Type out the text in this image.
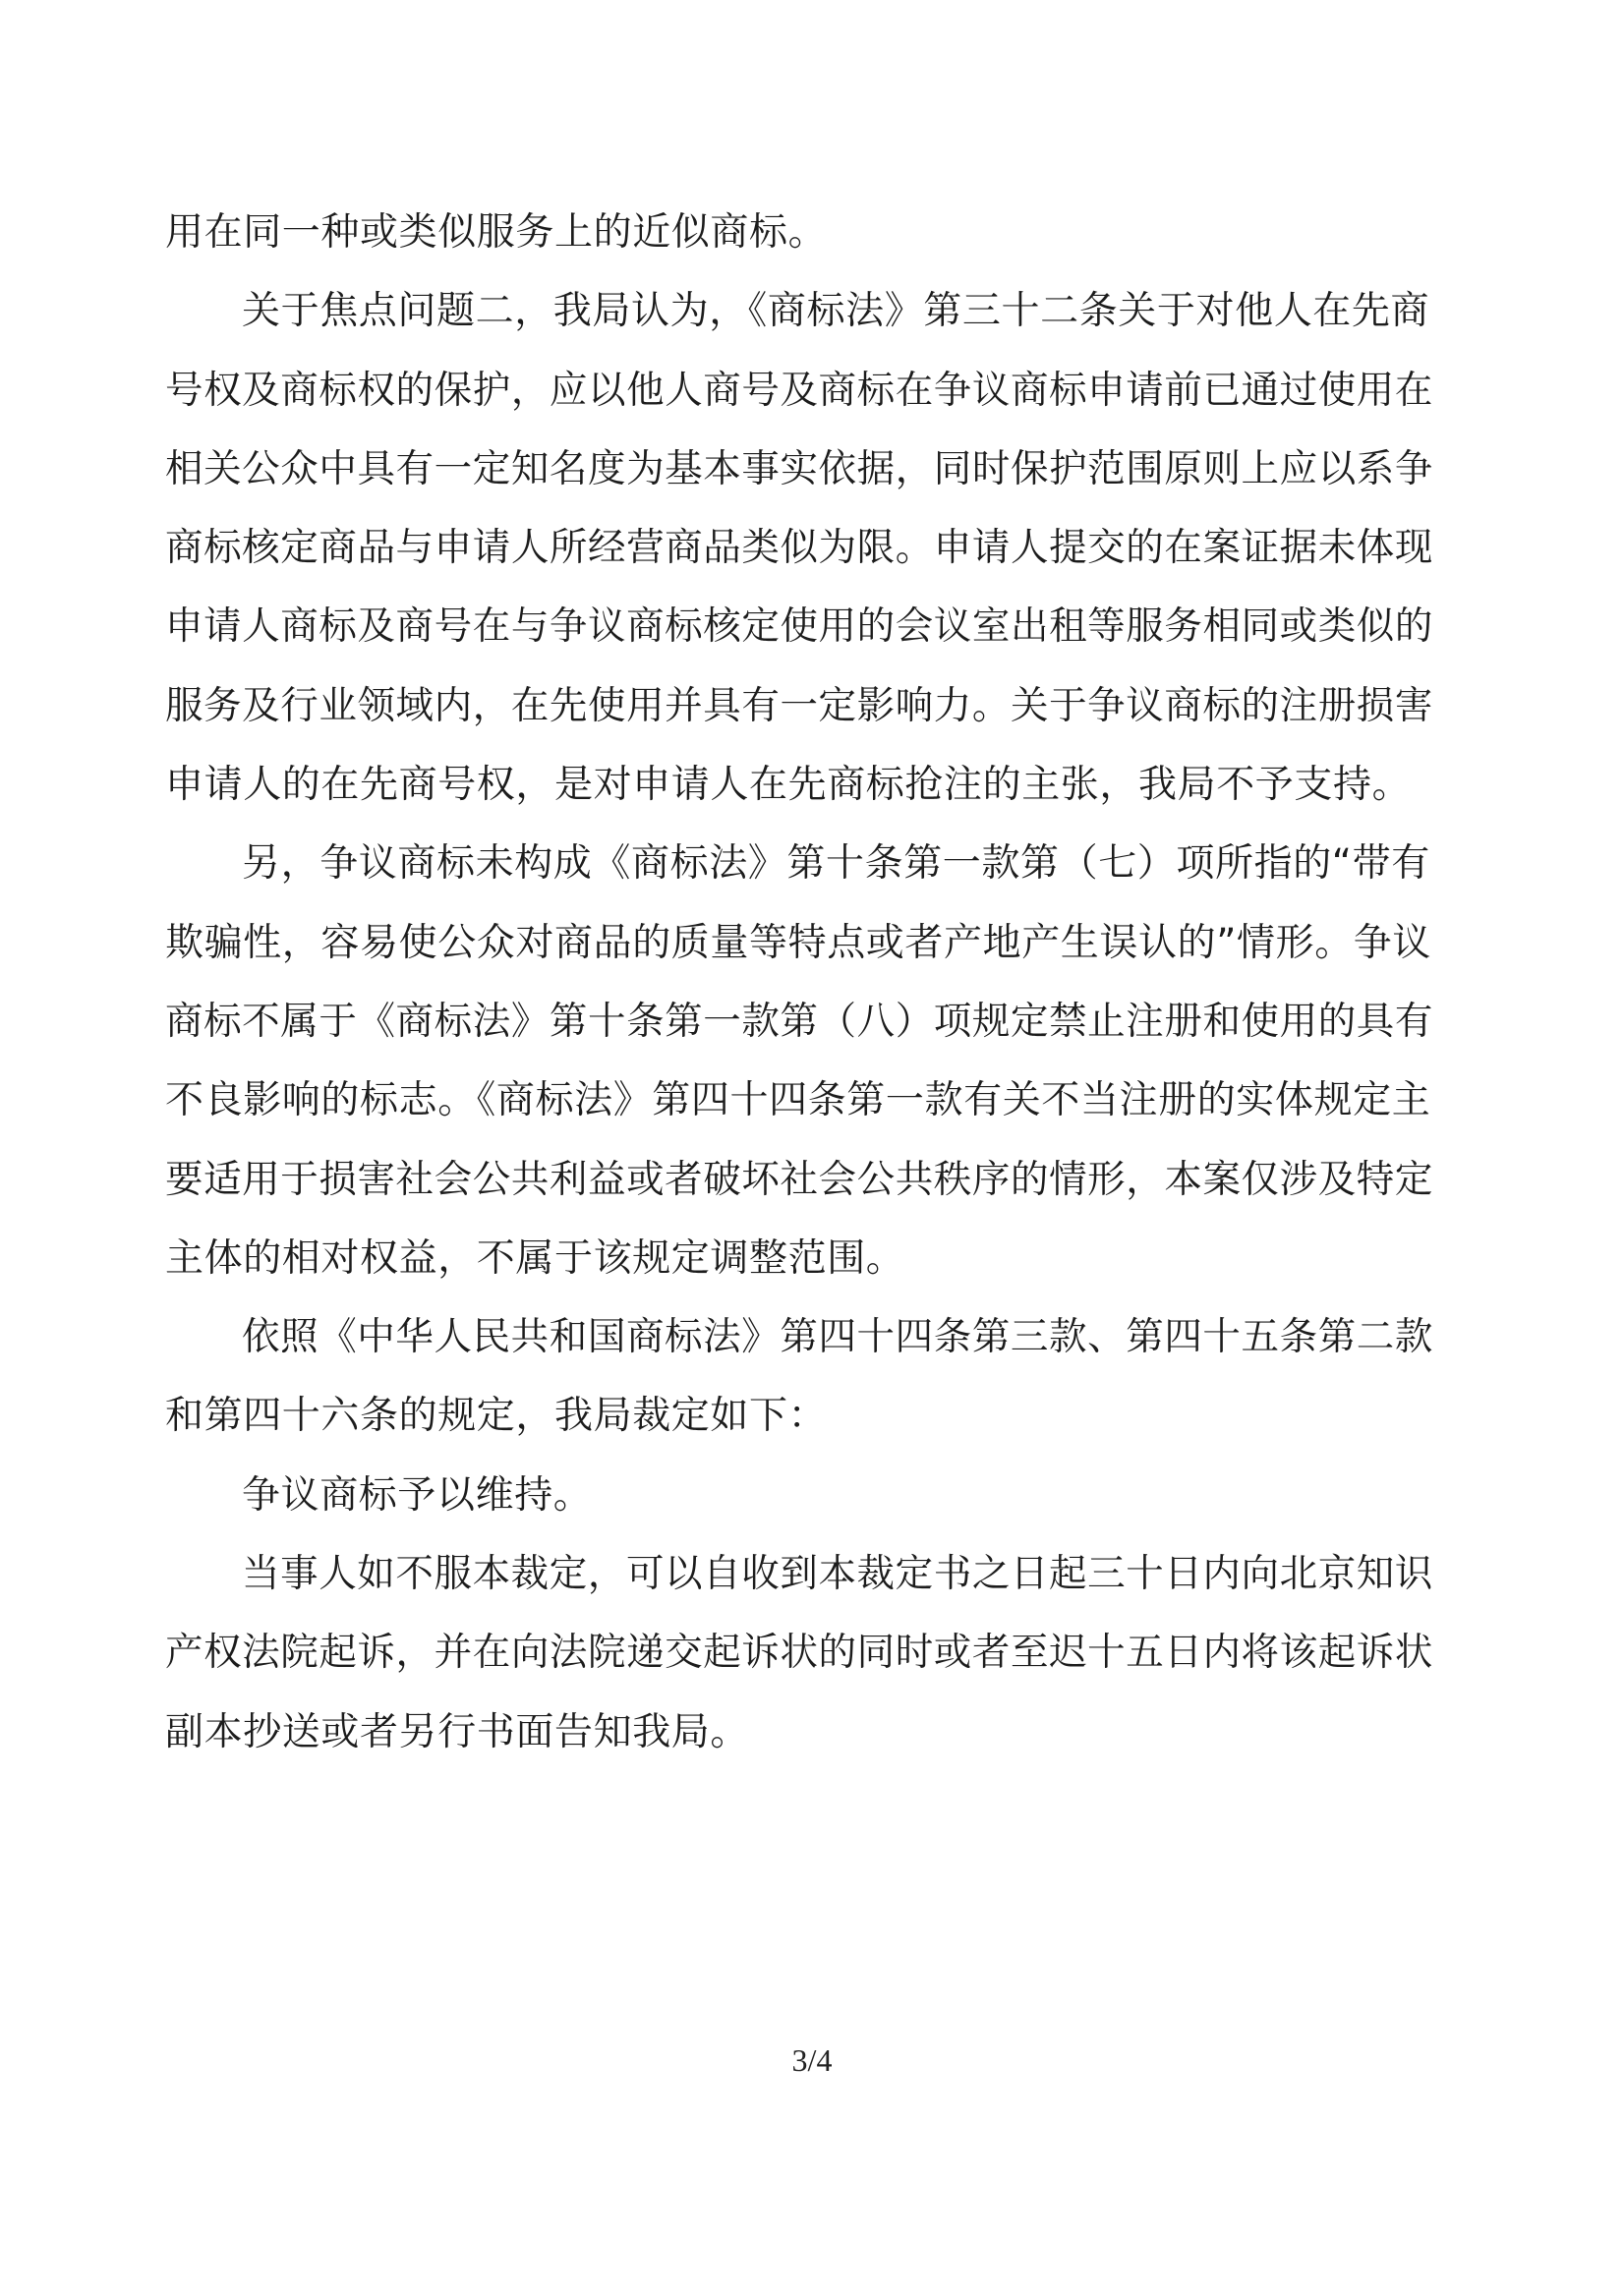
用在同一种或类似服务上的近似商标。
关于焦点问题二，我局认为，《商标法》第三十二条关于对他人在先商
号权及商标权的保护，应以他人商号及商标在争议商标申请前已通过使用在
相关公众中具有一定知名度为基本事实依据，同时保护范围原则上应以系争
商标核定商品与申请人所经营商品类似为限。申请人提交的在案证据未体现
申请人商标及商号在与争议商标核定使用的会议室出租等服务相同或类似的
服务及行业领域内，在先使用并具有一定影响力。关于争议商标的注册损害
申请人的在先商号权，是对申请人在先商标抢注的主张，我局不予支持。
另，争议商标未构成《商标法》第十条第一款第（七）项所指的“带有
欺骗性，容易使公众对商品的质量等特点或者产地产生误认的”情形。争议
商标不属于《商标法》第十条第一款第（八）项规定禁止注册和使用的具有
不良影响的标志。《商标法》第四十四条第一款有关不当注册的实体规定主
要适用于损害社会公共利益或者破坏社会公共秩序的情形，本案仅涉及特定
主体的相对权益，不属于该规定调整范围。
依照《中华人民共和国商标法》第四十四条第三款、第四十五条第二款
和第四十六条的规定，我局裁定如下：
争议商标予以维持。
当事人如不服本裁定，可以自收到本裁定书之日起三十日内向北京知识
产权法院起诉，并在向法院递交起诉状的同时或者至迟十五日内将该起诉状
副本抄送或者另行书面告知我局。
3/4
